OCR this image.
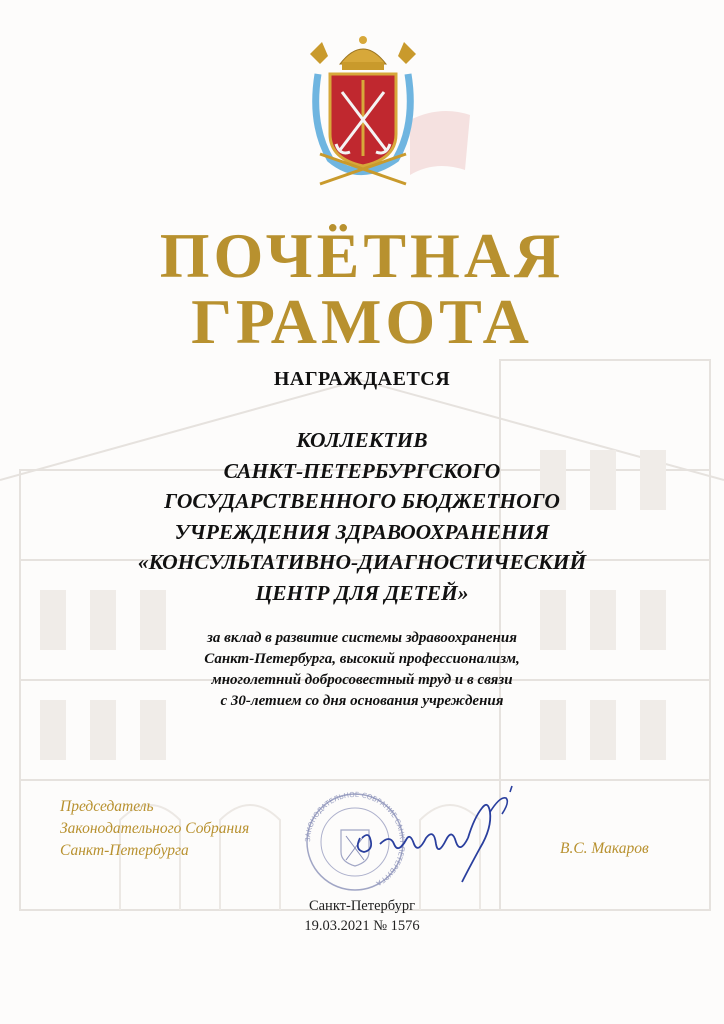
ПОЧЁТНАЯ
ГРАМОТА
НАГРАЖДАЕТСЯ
КОЛЛЕКТИВ
САНКТ-ПЕТЕРБУРГСКОГО
ГОСУДАРСТВЕННОГО БЮДЖЕТНОГО
УЧРЕЖДЕНИЯ ЗДРАВООХРАНЕНИЯ
«КОНСУЛЬТАТИВНО-ДИАГНОСТИЧЕСКИЙ
ЦЕНТР ДЛЯ ДЕТЕЙ»
за вклад в развитие системы здравоохранения
Санкт-Петербурга, высокий профессионализм,
многолетний добросовестный труд и в связи
с 30-летием со дня основания учреждения
Председатель
Законодательного Собрания
Санкт-Петербурга
ЗАКОНОДАТЕЛЬНОЕ СОБРАНИЕ САНКТ-ПЕТЕРБУРГА
В.С. Макаров
Санкт-Петербург
19.03.2021 № 1576
